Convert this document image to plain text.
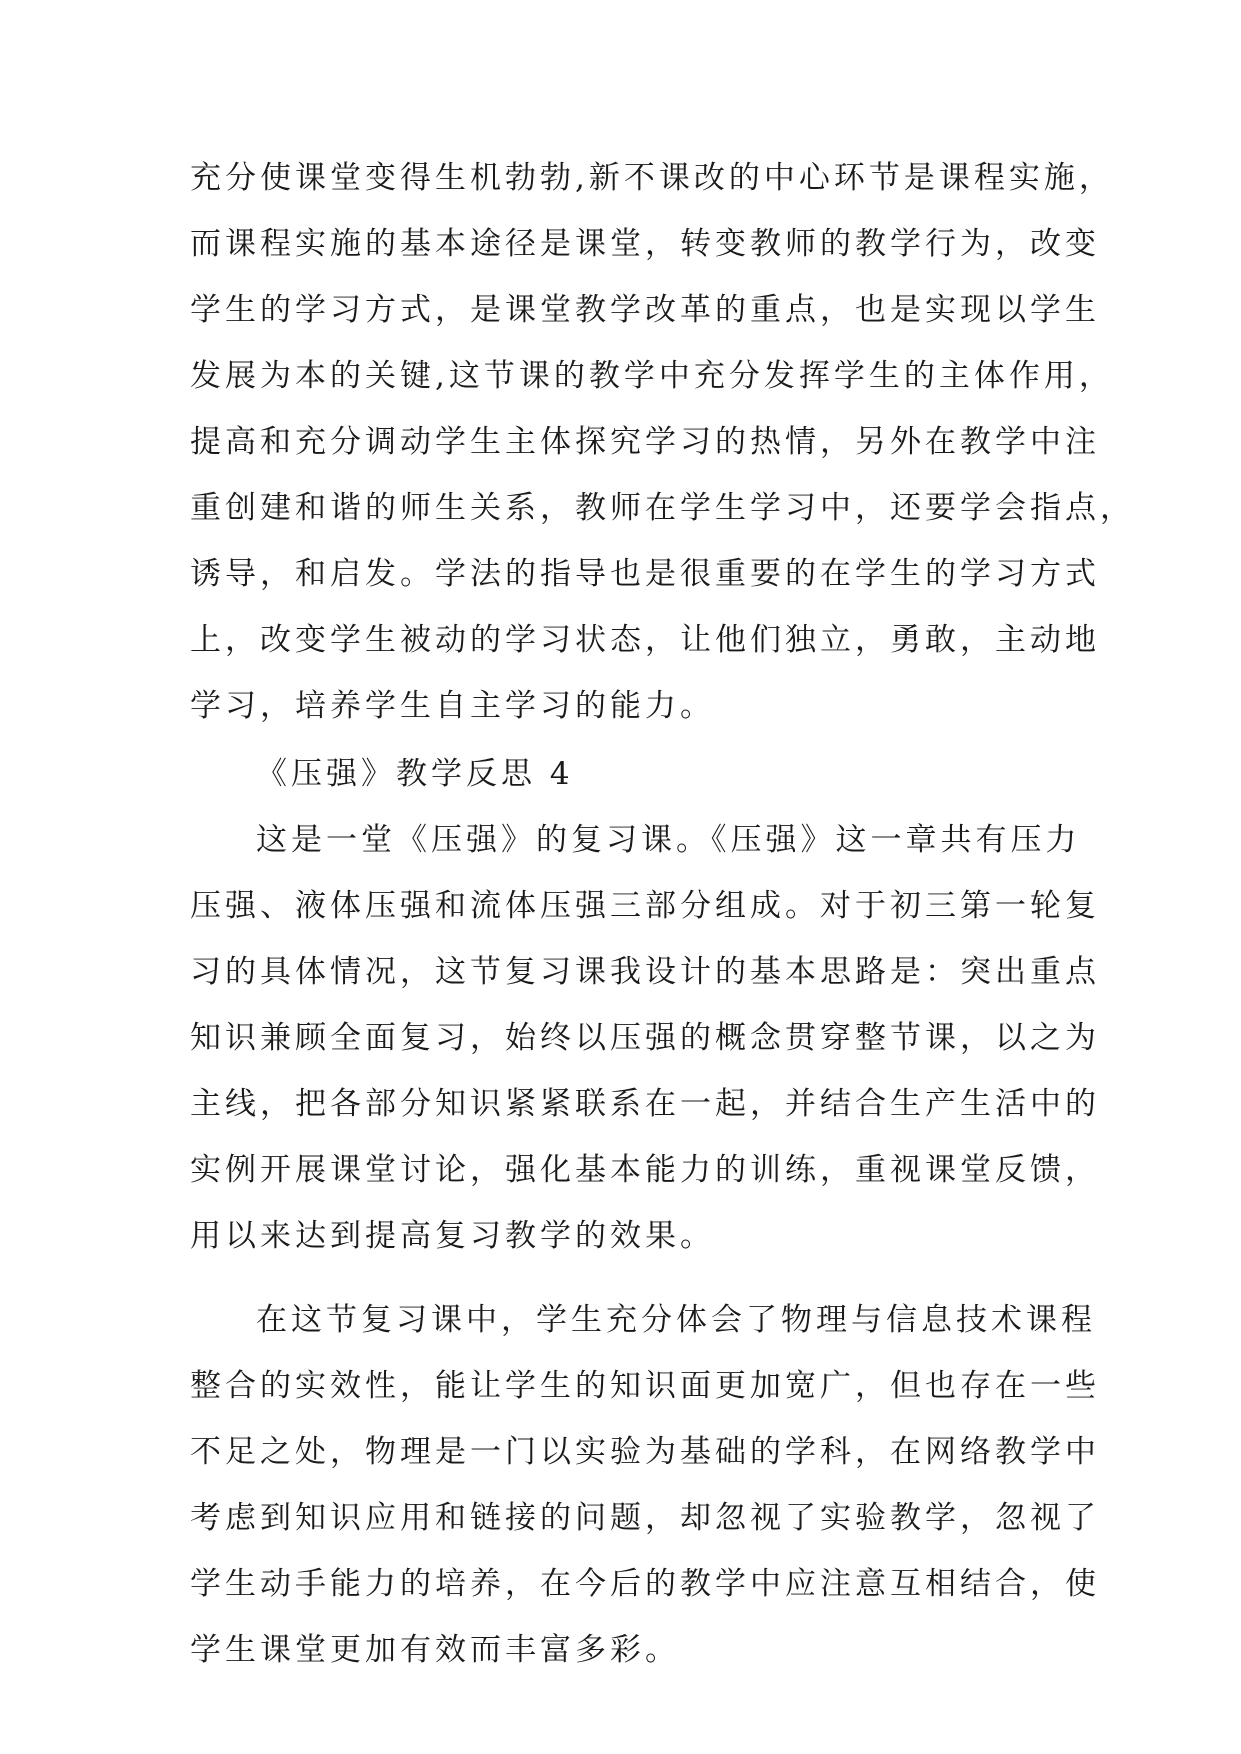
充分使课堂变得生机勃勃,新不课改的中心环节是课程实施，
而课程实施的基本途径是课堂，转变教师的教学行为，改变
学生的学习方式，是课堂教学改革的重点，也是实现以学生
发展为本的关键,这节课的教学中充分发挥学生的主体作用，
提高和充分调动学生主体探究学习的热情，另外在教学中注
重创建和谐的师生关系，教师在学生学习中，还要学会指点，
诱导，和启发。学法的指导也是很重要的在学生的学习方式
上，改变学生被动的学习状态，让他们独立，勇敢，主动地
学习，培养学生自主学习的能力。
《压强》教学反思 4
这是一堂《压强》的复习课。《压强》这一章共有压力
压强、液体压强和流体压强三部分组成。对于初三第一轮复
习的具体情况，这节复习课我设计的基本思路是：突出重点
知识兼顾全面复习，始终以压强的概念贯穿整节课，以之为
主线，把各部分知识紧紧联系在一起，并结合生产生活中的
实例开展课堂讨论，强化基本能力的训练，重视课堂反馈，
用以来达到提高复习教学的效果。
在这节复习课中，学生充分体会了物理与信息技术课程
整合的实效性，能让学生的知识面更加宽广，但也存在一些
不足之处，物理是一门以实验为基础的学科，在网络教学中
考虑到知识应用和链接的问题，却忽视了实验教学，忽视了
学生动手能力的培养，在今后的教学中应注意互相结合，使
学生课堂更加有效而丰富多彩。
